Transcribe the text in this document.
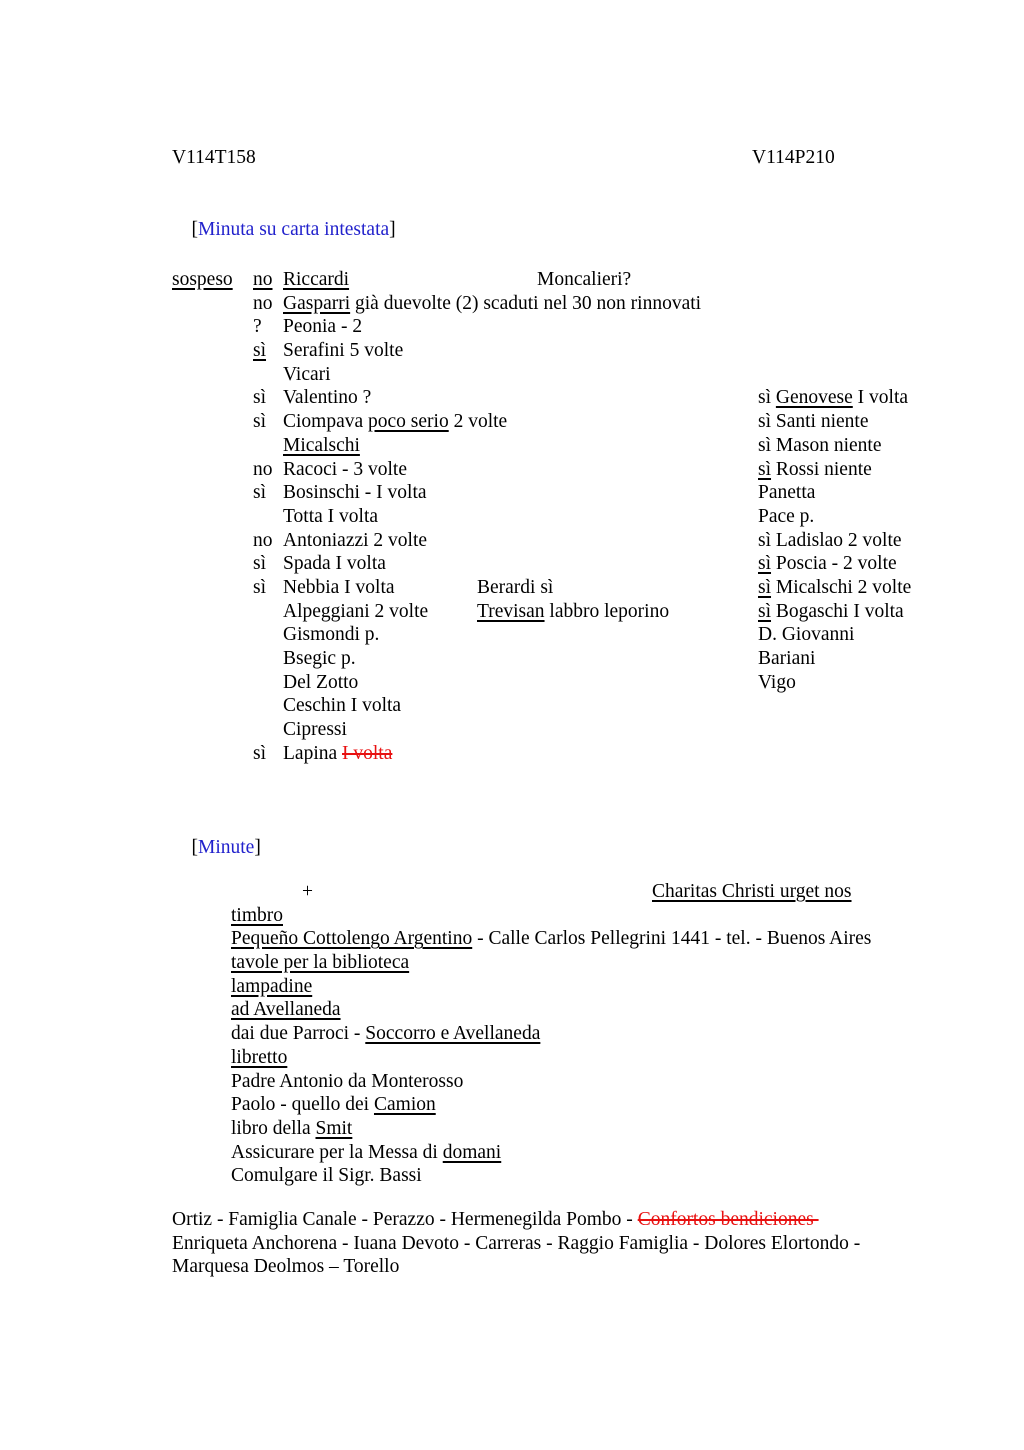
V114T158	V114P210

[Minuta su carta intestata]

sospeso no Riccardi	Moncalieri?
no Gasparri già duevolte (2) scaduti nel 30 non rinnovati
? Peonia - 2
sì Serafini 5 volte
Vicari
sì Valentino ?	sì Genovese I volta
sì Ciompava poco serio 2 volte	sì Santi niente
Micalschi	sì Mason niente
no Racoci - 3 volte	sì Rossi niente
sì Bosinschi - I volta	Panetta
Totta I volta	Pace p.
no Antoniazzi 2 volte	sì Ladislao 2 volte
sì Spada I volta	sì Poscia - 2 volte
sì Nebbia I volta	Berardi sì	sì Micalschi 2 volte
Alpeggiani 2 volte	Trevisan labbro leporino	sì Bogaschi I volta
Gismondi p.	D. Giovanni
Bsegic p.	Bariani
Del Zotto	Vigo
Ceschin I volta
Cipressi
sì Lapina I volta

[Minute]

+

	Charitas Christi urget nos

timbro
Pequeño Cottolengo Argentino - Calle Carlos Pellegrini 1441 - tel. - Buenos Aires
tavole per la biblioteca
lampadine
ad Avellaneda
dai due Parroci - Soccorro e Avellaneda
libretto
Padre Antonio da Monterosso
Paolo - quello dei Camion
libro della Smit
Assicurare per la Messa di domani
Comulgare il Sigr. Bassi
Ortiz - Famiglia Canale - Perazzo - Hermenegilda Pombo - Confortos bendiciones
Enriqueta Anchorena - Iuana Devoto - Carreras - Raggio Famiglia - Dolores Elortondo -
Marquesa Deolmos – Torello
